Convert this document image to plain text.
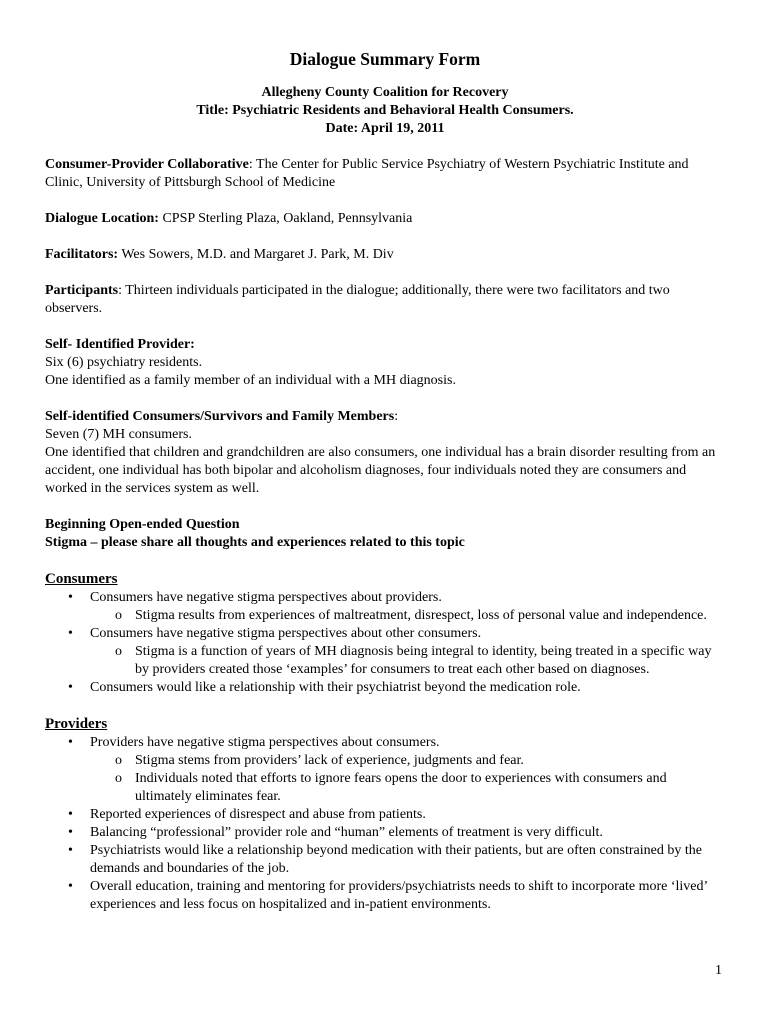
Dialogue Summary Form
Allegheny County Coalition for Recovery
Title: Psychiatric Residents and Behavioral Health Consumers.
Date: April 19, 2011

Consumer-Provider Collaborative: The Center for Public Service Psychiatry of Western Psychiatric Institute and Clinic, University of Pittsburgh School of Medicine

Dialogue Location: CPSP Sterling Plaza, Oakland, Pennsylvania

Facilitators: Wes Sowers, M.D. and Margaret J. Park, M. Div

Participants: Thirteen individuals participated in the dialogue; additionally, there were two facilitators and two observers.

Self- Identified Provider:

Six (6) psychiatry residents.

One identified as a family member of an individual with a MH diagnosis.

Self-identified Consumers/Survivors and Family Members:

Seven (7) MH consumers.

One identified that children and grandchildren are also consumers, one individual has a brain disorder resulting from an accident, one individual has both bipolar and alcoholism diagnoses, four individuals noted they are consumers and worked in the services system as well.

Beginning Open-ended Question

Stigma – please share all thoughts and experiences related to this topic

Consumers

• Consumers have negative stigma perspectives about providers.
o Stigma results from experiences of maltreatment, disrespect, loss of personal value and independence.
• Consumers have negative stigma perspectives about other consumers.
o Stigma is a function of years of MH diagnosis being integral to identity, being treated in a specific way by providers created those ‘examples’ for consumers to treat each other based on diagnoses.
• Consumers would like a relationship with their psychiatrist beyond the medication role.

Providers

• Providers have negative stigma perspectives about consumers.
o Stigma stems from providers’ lack of experience, judgments and fear.
o Individuals noted that efforts to ignore fears opens the door to experiences with consumers and ultimately eliminates fear.
• Reported experiences of disrespect and abuse from patients.
• Balancing “professional” provider role and “human” elements of treatment is very difficult.
• Psychiatrists would like a relationship beyond medication with their patients, but are often constrained by the demands and boundaries of the job.
• Overall education, training and mentoring for providers/psychiatrists needs to shift to incorporate more ‘lived’ experiences and less focus on hospitalized and in-patient environments.
1
